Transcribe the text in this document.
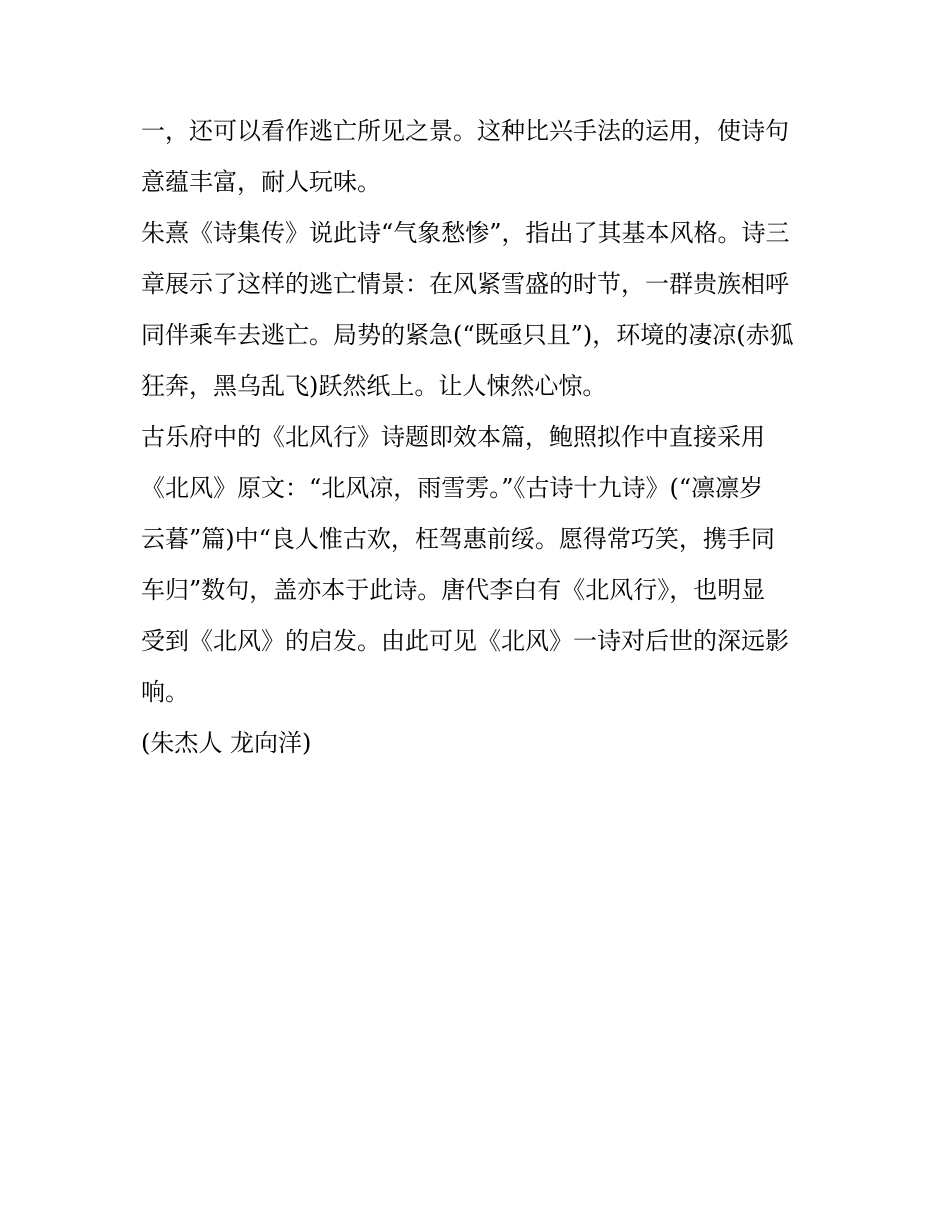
一，还可以看作逃亡所见之景。这种比兴手法的运用，使诗句
意蕴丰富，耐人玩味。
朱熹《诗集传》说此诗“气象愁惨”，指出了其基本风格。诗三
章展示了这样的逃亡情景：在风紧雪盛的时节，一群贵族相呼
同伴乘车去逃亡。局势的紧急(“既亟只且”)，环境的凄凉(赤狐
狂奔，黑乌乱飞)跃然纸上。让人悚然心惊。
古乐府中的《北风行》诗题即效本篇，鲍照拟作中直接采用
《北风》原文：“北风凉，雨雪雱。”《古诗十九诗》(“凛凛岁
云暮”篇)中“良人惟古欢，枉驾惠前绥。愿得常巧笑，携手同
车归”数句，盖亦本于此诗。唐代李白有《北风行》，也明显
受到《北风》的启发。由此可见《北风》一诗对后世的深远影
响。
(朱杰人 龙向洋)
